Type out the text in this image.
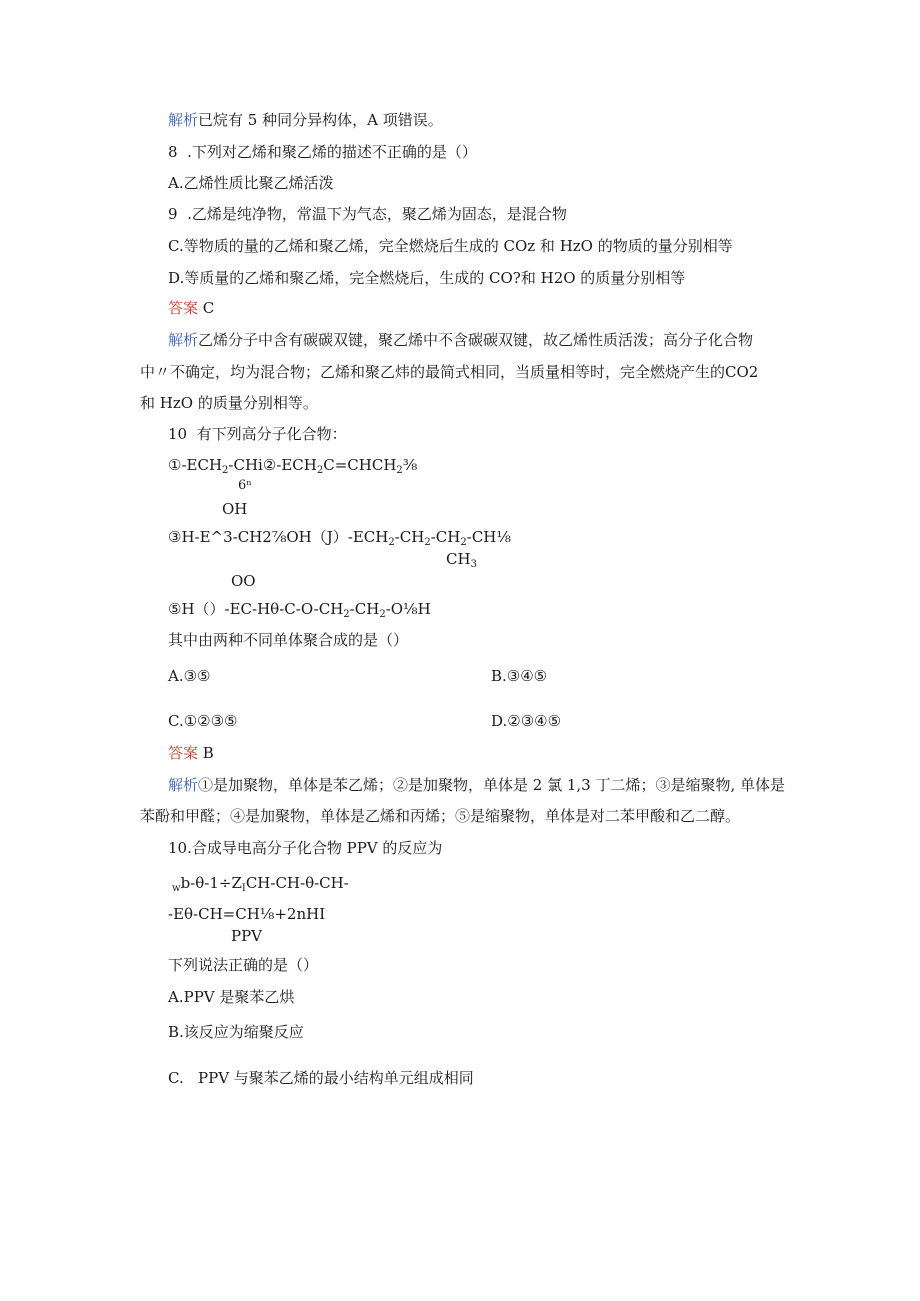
解析已烷有 5 种同分异构体，A 项错误。
8  .下列对乙烯和聚乙烯的描述不正确的是（）
A.乙烯性质比聚乙烯活泼
9  .乙烯是纯净物，常温下为气态，聚乙烯为固态，是混合物
C.等物质的量的乙烯和聚乙烯，完全燃烧后生成的 COz 和 HzO 的物质的量分别相等
D.等质量的乙烯和聚乙烯，完全燃烧后，生成的 CO?和 H2O 的质量分别相等
答案 C
解析乙烯分子中含有碳碳双键，聚乙烯中不含碳碳双键，故乙烯性质活泼；高分子化合物
中〃不确定，均为混合物；乙烯和聚乙炜的最简式相同，当质量相等时，完全燃烧产生的CO2
和 HzO 的质量分别相等。
10  有下列高分子化合物：
$①-ECH_2-CHi②-ECH_2C=CHCH_2\frac{3}{8}$
6ⁿ
OH
$③H-E\^{}3-CH2\frac{7}{8}OH(J)-ECH_2-CH_2-CH_2$-CH⅛
$CH_3$
OO
$⑤H()-EC-H\theta-C-O-CH_2-CH_2$-O⅛H
其中由两种不同单体聚合成的是（）
A.③⑤	B.③④⑤
C.①②③⑤	D.②③④⑤
答案 B
解析①是加聚物，单体是苯乙烯；②是加聚物，单体是 2 氯 1,3 丁二烯；③是缩聚物, 单体是
苯酚和甲醛；④是加聚物，单体是乙烯和丙烯；⑤是缩聚物，单体是对二苯甲酸和乙二醇。
10.合成导电高分子化合物 PPV 的反应为
$_wb-\theta-1\div Z_ICH-CH-\theta-CH-$
-Eθ-CH=CH⅛+2nHI
PPV
下列说法正确的是（）
A.PPV 是聚苯乙烘
B.该反应为缩聚反应
C.   PPV 与聚苯乙烯的最小结构单元组成相同
